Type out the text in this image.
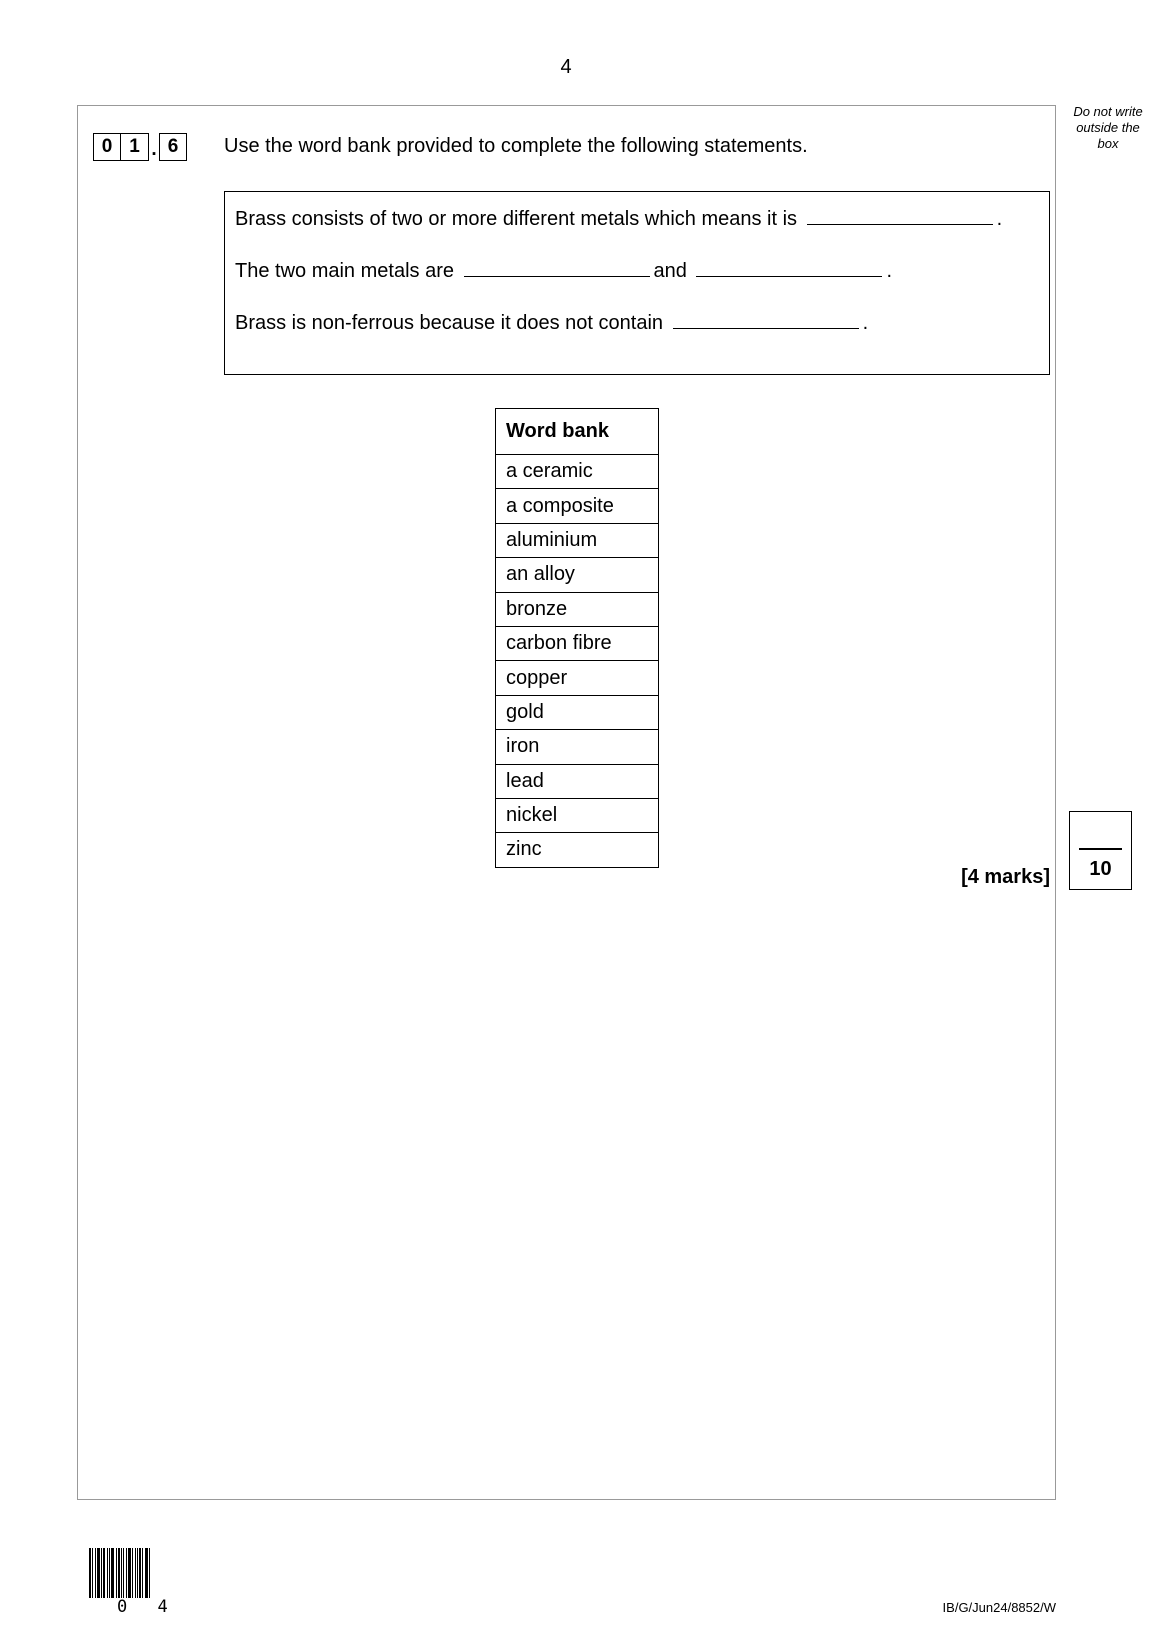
4
Do not write outside the box
0 1 . 6	Use the word bank provided to complete the following statements.
Brass consists of two or more different metals which means it is	.
The two main metals are	and	.
Brass is non-ferrous because it does not contain	.
Word bank
a ceramic
a composite
aluminium
an alloy
bronze
carbon fibre
copper
gold
iron
lead
nickel
zinc
[4 marks]	10
0 4	IB/G/Jun24/8852/W
